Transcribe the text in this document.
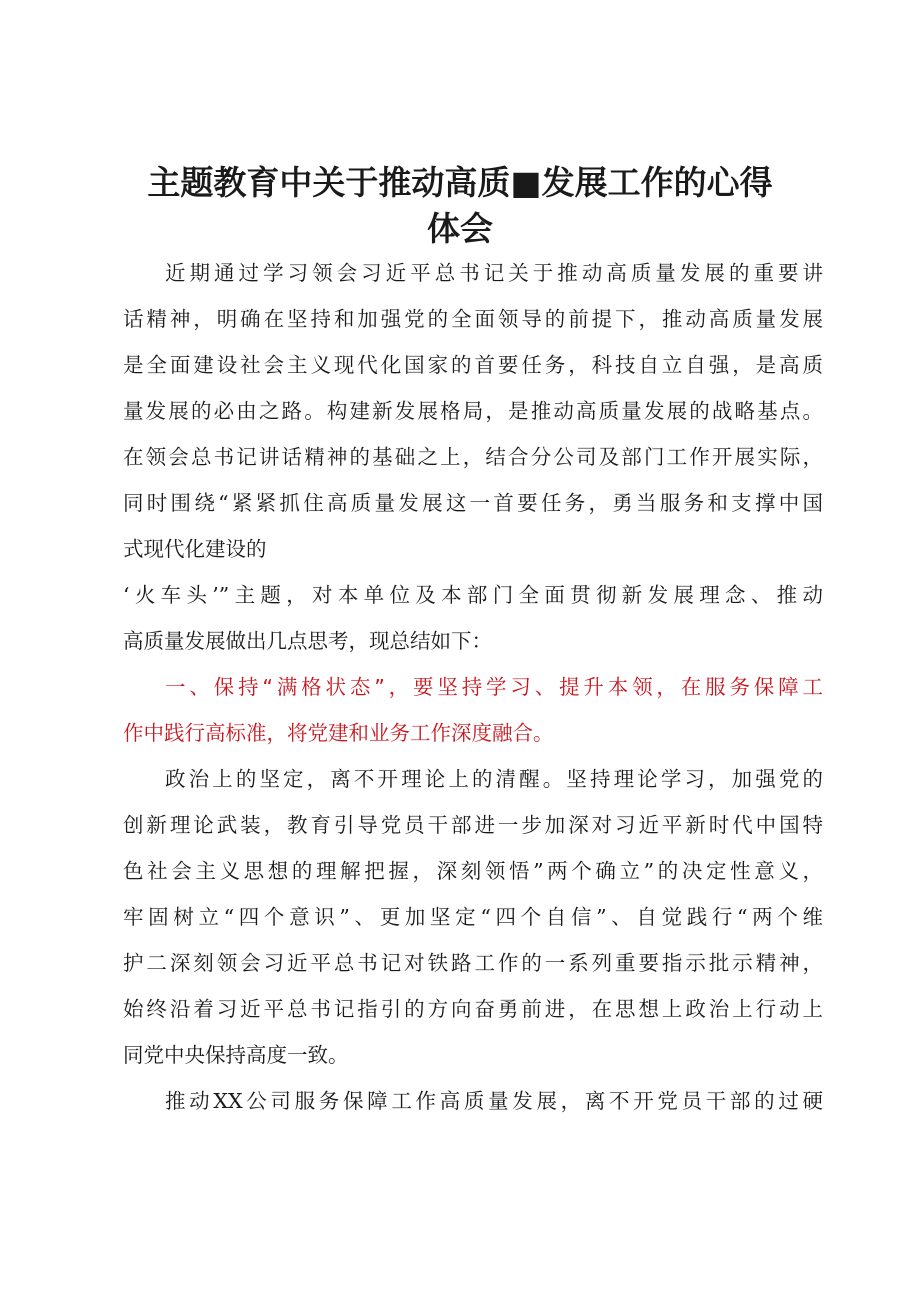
主题教育中关于推动高质■发展工作的心得
体会
近期通过学习领会习近平总书记关于推动高质量发展的重要讲
话精神，明确在坚持和加强党的全面领导的前提下，推动高质量发展
是全面建设社会主义现代化国家的首要任务，科技自立自强，是高质
量发展的必由之路。构建新发展格局，是推动高质量发展的战略基点。
在领会总书记讲话精神的基础之上，结合分公司及部门工作开展实际，
同时围绕“紧紧抓住高质量发展这一首要任务，勇当服务和支撑中国
式现代化建设的
‘火车头’”主题，对本单位及本部门全面贯彻新发展理念、推动
高质量发展做出几点思考，现总结如下：
一、保持“满格状态”，要坚持学习、提升本领，在服务保障工
作中践行高标准，将党建和业务工作深度融合。
政治上的坚定，离不开理论上的清醒。坚持理论学习，加强党的
创新理论武装，教育引导党员干部进一步加深对习近平新时代中国特
色社会主义思想的理解把握，深刻领悟”两个确立”的决定性意义，
牢固树立“四个意识”、更加坚定“四个自信”、自觉践行“两个维
护二深刻领会习近平总书记对铁路工作的一系列重要指示批示精神，
始终沿着习近平总书记指引的方向奋勇前进，在思想上政治上行动上
同党中央保持高度一致。
推动XX公司服务保障工作高质量发展，离不开党员干部的过硬
